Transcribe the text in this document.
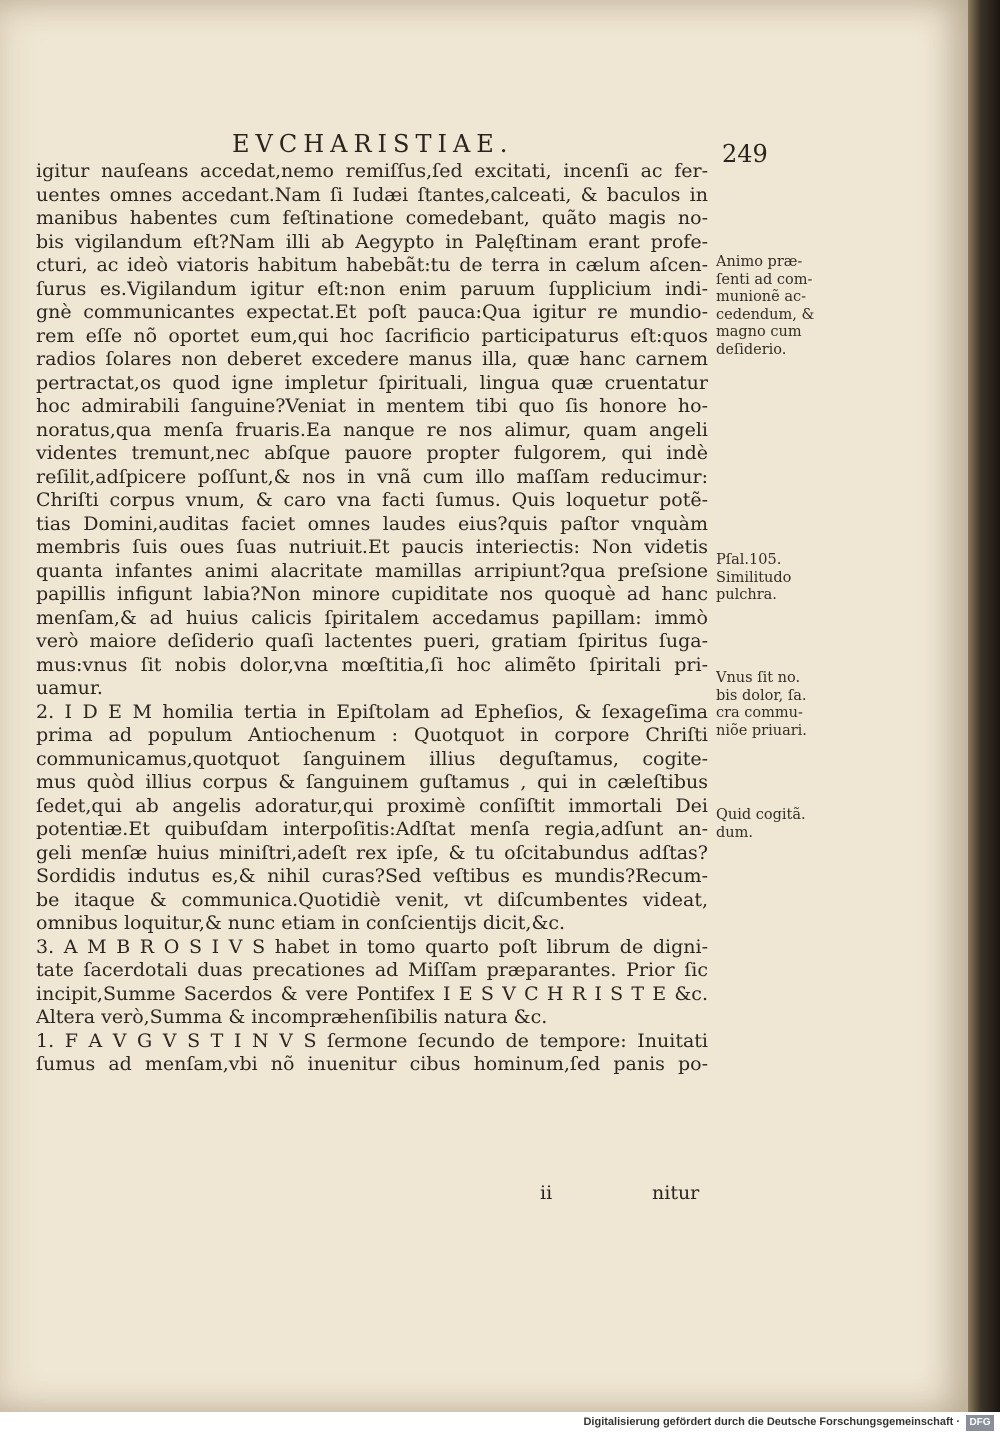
EVCHARISTIAE.	249
igitur nauſeans accedat,nemo remiſſus,ſed excitati, incenſi ac fer-
uentes omnes accedant.Nam ſi Iudæi ſtantes,calceati, & baculos in
manibus habentes cum feſtinatione comedebant, quãto magis no-
bis vigilandum eſt?Nam illi ab Aegypto in Palęſtinam erant profe-
cturi, ac ideò viatoris habitum habebãt:tu de terra in cælum aſcen-
ſurus es.Vigilandum igitur eſt:non enim paruum ſupplicium indi-
gnè communicantes expectat.Et poſt pauca:Qua igitur re mundio-
rem eſſe nõ oportet eum,qui hoc ſacrificio participaturus eſt:quos
radios ſolares non deberet excedere manus illa, quæ hanc carnem
pertractat,os quod igne impletur ſpirituali, lingua quæ cruentatur
hoc admirabili ſanguine?Veniat in mentem tibi quo ſis honore ho-
noratus,qua menſa fruaris.Ea nanque re nos alimur, quam angeli
videntes tremunt,nec abſque pauore propter fulgorem, qui indè
reſilit,adſpicere poſſunt,& nos in vnã cum illo maſſam reducimur:
Chriſti corpus vnum, & caro vna facti ſumus. Quis loquetur potẽ-
tias Domini,auditas faciet omnes laudes eius?quis paſtor vnquàm
membris ſuis oues ſuas nutriuit.Et paucis interiectis: Non videtis
quanta infantes animi alacritate mamillas arripiunt?qua preſsione
papillis infigunt labia?Non minore cupiditate nos quoquè ad hanc
menſam,& ad huius calicis ſpiritalem accedamus papillam: immò
verò maiore deſiderio quaſi lactentes pueri, gratiam ſpiritus ſuga-
mus:vnus ſit nobis dolor,vna mœſtitia,ſi hoc alimẽto ſpiritali pri-
uamur.
2. I D E M homilia tertia in Epiſtolam ad Epheſios, & ſexageſima
prima ad populum Antiochenum : Quotquot in corpore Chriſti
communicamus,quotquot ſanguinem illius deguſtamus, cogite-
mus quòd illius corpus & ſanguinem guſtamus , qui in cæleſtibus
ſedet,qui ab angelis adoratur,qui proximè conſiſtit immortali Dei
potentiæ.Et quibuſdam interpoſitis:Adſtat menſa regia,adſunt an-
geli menſæ huius miniſtri,adeſt rex ipſe, & tu oſcitabundus adſtas?
Sordidis indutus es,& nihil curas?Sed veſtibus es mundis?Recum-
be itaque & communica.Quotidiè venit, vt diſcumbentes videat,
omnibus loquitur,& nunc etiam in conſcientijs dicit,&c.
3. A M B R O S I V S habet in tomo quarto poſt librum de digni-
tate ſacerdotali duas precationes ad Miſſam præparantes. Prior ſic
incipit,Summe Sacerdos & vere Pontifex I E S V C H R I S T E &c.
Altera verò,Summa & incompræhenſibilis natura &c.
1. F A V G V S T I N V S ſermone ſecundo de tempore: Inuitati
ſumus ad menſam,vbi nõ inuenitur cibus hominum,ſed panis po-
Animo præ-
ſenti ad com-
munionẽ ac-
cedendum, &
magno cum
deſiderio.
Pſal.105.
Similitudo
pulchra.
Vnus ſit no.
bis dolor, ſa.
cra commu-
niõe priuari.
Quid cogitã.
dum.
ii	nitur
Digitalisierung gefördert durch die Deutsche Forschungsgemeinschaft · DFG
